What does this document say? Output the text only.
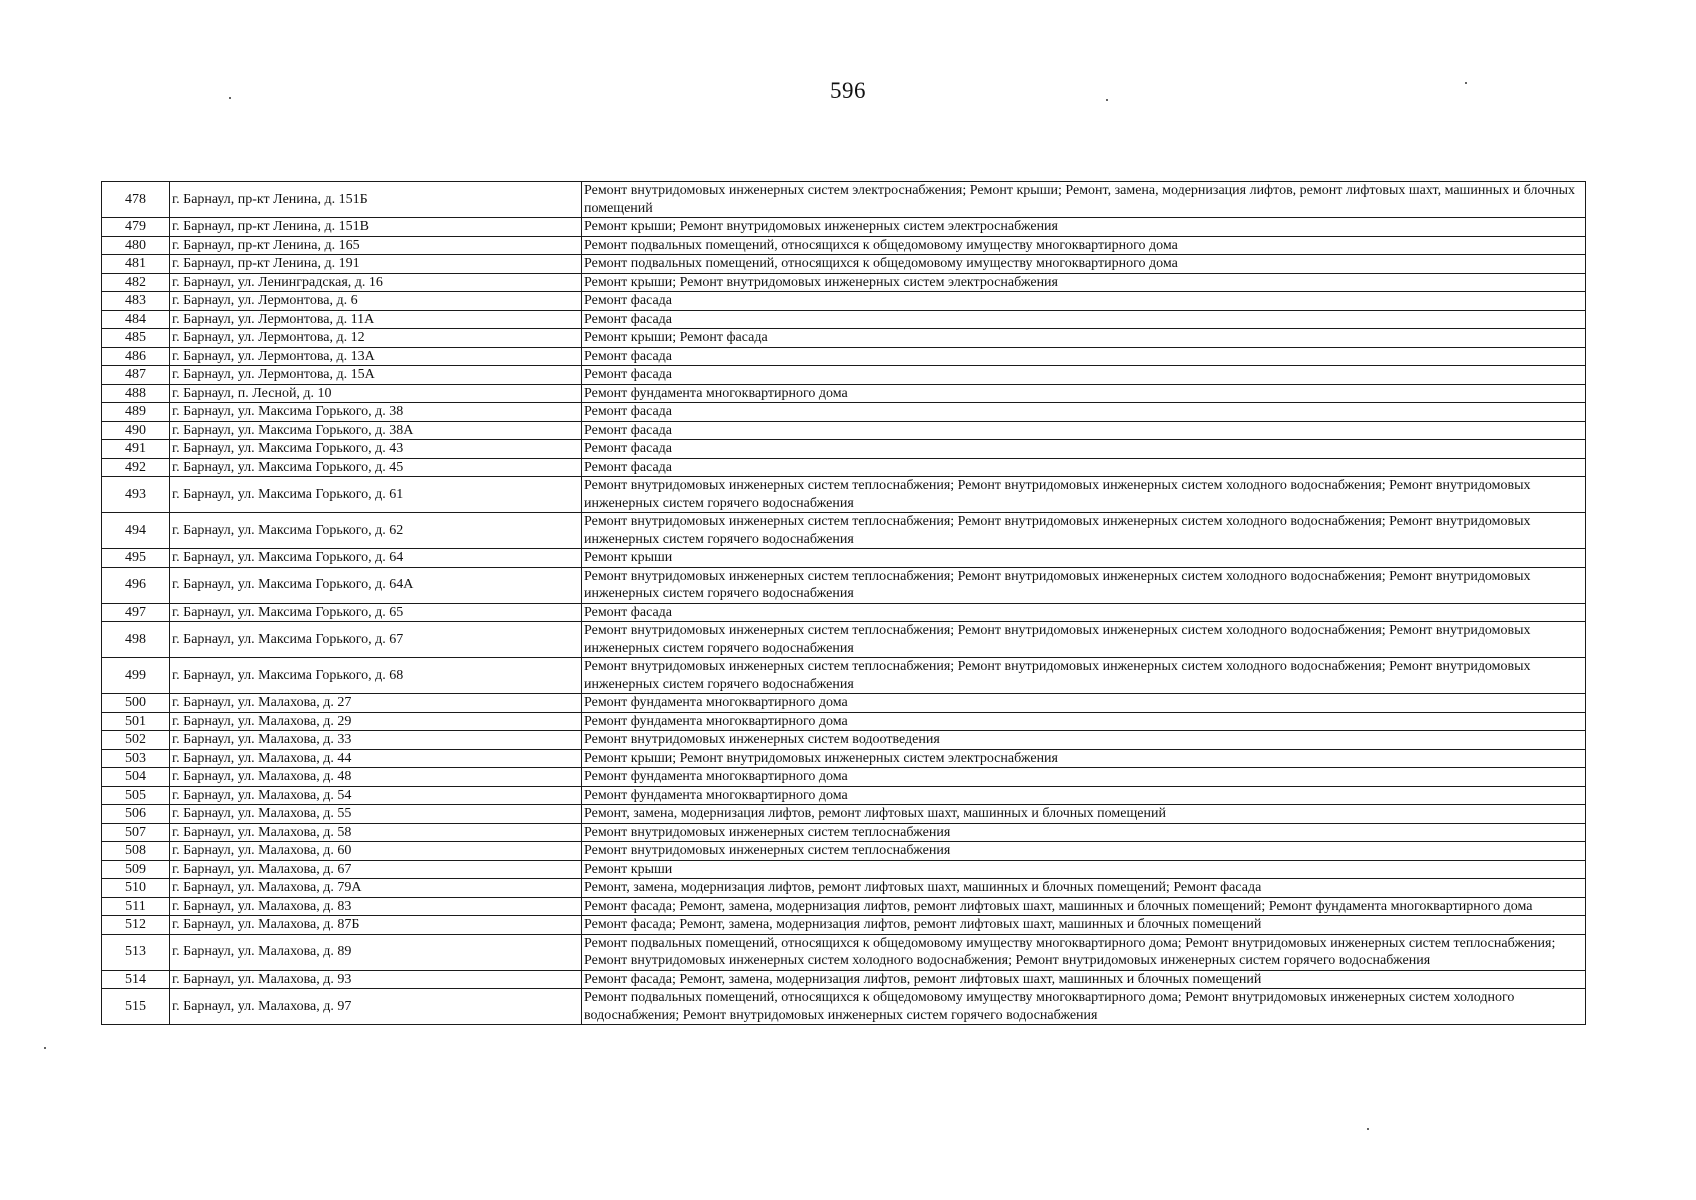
596
478	г. Барнаул, пр-кт Ленина, д. 151Б	Ремонт внутридомовых инженерных систем электроснабжения; Ремонт крыши; Ремонт, замена, модернизация лифтов, ремонт лифтовых шахт, машинных и блочных помещений
479	г. Барнаул, пр-кт Ленина, д. 151В	Ремонт крыши; Ремонт внутридомовых инженерных систем электроснабжения
480	г. Барнаул, пр-кт Ленина, д. 165	Ремонт подвальных помещений, относящихся к общедомовому имуществу многоквартирного дома
481	г. Барнаул, пр-кт Ленина, д. 191	Ремонт подвальных помещений, относящихся к общедомовому имуществу многоквартирного дома
482	г. Барнаул, ул. Ленинградская, д. 16	Ремонт крыши; Ремонт внутридомовых инженерных систем электроснабжения
483	г. Барнаул, ул. Лермонтова, д. 6	Ремонт фасада
484	г. Барнаул, ул. Лермонтова, д. 11А	Ремонт фасада
485	г. Барнаул, ул. Лермонтова, д. 12	Ремонт крыши; Ремонт фасада
486	г. Барнаул, ул. Лермонтова, д. 13А	Ремонт фасада
487	г. Барнаул, ул. Лермонтова, д. 15А	Ремонт фасада
488	г. Барнаул, п. Лесной, д. 10	Ремонт фундамента многоквартирного дома
489	г. Барнаул, ул. Максима Горького, д. 38	Ремонт фасада
490	г. Барнаул, ул. Максима Горького, д. 38А	Ремонт фасада
491	г. Барнаул, ул. Максима Горького, д. 43	Ремонт фасада
492	г. Барнаул, ул. Максима Горького, д. 45	Ремонт фасада
493	г. Барнаул, ул. Максима Горького, д. 61	Ремонт внутридомовых инженерных систем теплоснабжения; Ремонт внутридомовых инженерных систем холодного водоснабжения; Ремонт внутридомовых инженерных систем горячего водоснабжения
494	г. Барнаул, ул. Максима Горького, д. 62	Ремонт внутридомовых инженерных систем теплоснабжения; Ремонт внутридомовых инженерных систем холодного водоснабжения; Ремонт внутридомовых инженерных систем горячего водоснабжения
495	г. Барнаул, ул. Максима Горького, д. 64	Ремонт крыши
496	г. Барнаул, ул. Максима Горького, д. 64А	Ремонт внутридомовых инженерных систем теплоснабжения; Ремонт внутридомовых инженерных систем холодного водоснабжения; Ремонт внутридомовых инженерных систем горячего водоснабжения
497	г. Барнаул, ул. Максима Горького, д. 65	Ремонт фасада
498	г. Барнаул, ул. Максима Горького, д. 67	Ремонт внутридомовых инженерных систем теплоснабжения; Ремонт внутридомовых инженерных систем холодного водоснабжения; Ремонт внутридомовых инженерных систем горячего водоснабжения
499	г. Барнаул, ул. Максима Горького, д. 68	Ремонт внутридомовых инженерных систем теплоснабжения; Ремонт внутридомовых инженерных систем холодного водоснабжения; Ремонт внутридомовых инженерных систем горячего водоснабжения
500	г. Барнаул, ул. Малахова, д. 27	Ремонт фундамента многоквартирного дома
501	г. Барнаул, ул. Малахова, д. 29	Ремонт фундамента многоквартирного дома
502	г. Барнаул, ул. Малахова, д. 33	Ремонт внутридомовых инженерных систем водоотведения
503	г. Барнаул, ул. Малахова, д. 44	Ремонт крыши; Ремонт внутридомовых инженерных систем электроснабжения
504	г. Барнаул, ул. Малахова, д. 48	Ремонт фундамента многоквартирного дома
505	г. Барнаул, ул. Малахова, д. 54	Ремонт фундамента многоквартирного дома
506	г. Барнаул, ул. Малахова, д. 55	Ремонт, замена, модернизация лифтов, ремонт лифтовых шахт, машинных и блочных помещений
507	г. Барнаул, ул. Малахова, д. 58	Ремонт внутридомовых инженерных систем теплоснабжения
508	г. Барнаул, ул. Малахова, д. 60	Ремонт внутридомовых инженерных систем теплоснабжения
509	г. Барнаул, ул. Малахова, д. 67	Ремонт крыши
510	г. Барнаул, ул. Малахова, д. 79А	Ремонт, замена, модернизация лифтов, ремонт лифтовых шахт, машинных и блочных помещений; Ремонт фасада
511	г. Барнаул, ул. Малахова, д. 83	Ремонт фасада; Ремонт, замена, модернизация лифтов, ремонт лифтовых шахт, машинных и блочных помещений; Ремонт фундамента многоквартирного дома
512	г. Барнаул, ул. Малахова, д. 87Б	Ремонт фасада; Ремонт, замена, модернизация лифтов, ремонт лифтовых шахт, машинных и блочных помещений
513	г. Барнаул, ул. Малахова, д. 89	Ремонт подвальных помещений, относящихся к общедомовому имуществу многоквартирного дома; Ремонт внутридомовых инженерных систем теплоснабжения; Ремонт внутридомовых инженерных систем холодного водоснабжения; Ремонт внутридомовых инженерных систем горячего водоснабжения
514	г. Барнаул, ул. Малахова, д. 93	Ремонт фасада; Ремонт, замена, модернизация лифтов, ремонт лифтовых шахт, машинных и блочных помещений
515	г. Барнаул, ул. Малахова, д. 97	Ремонт подвальных помещений, относящихся к общедомовому имуществу многоквартирного дома; Ремонт внутридомовых инженерных систем холодного водоснабжения; Ремонт внутридомовых инженерных систем горячего водоснабжения
